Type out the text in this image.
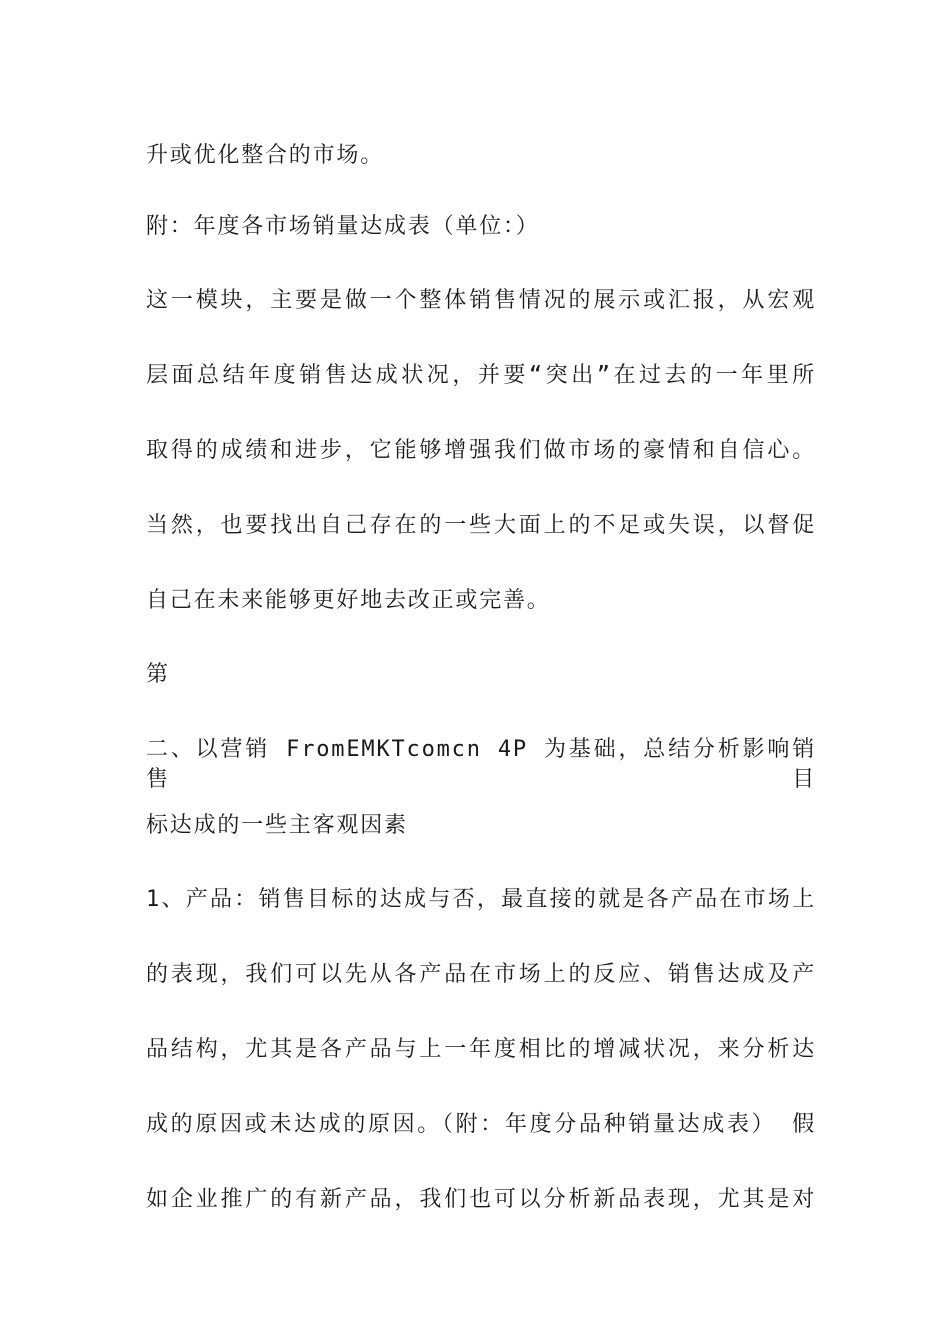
升或优化整合的市场。
附：年度各市场销量达成表（单位：）
这一模块，主要是做一个整体销售情况的展示或汇报，从宏观
层面总结年度销售达成状况，并要“突出”在过去的一年里所
取得的成绩和进步，它能够增强我们做市场的豪情和自信心。
当然，也要找出自己存在的一些大面上的不足或失误，以督促
自己在未来能够更好地去改正或完善。
第
二、以营销 FromEMKTcomcn 4P 为基础，总结分析影响销售目
标达成的一些主客观因素
1、产品：销售目标的达成与否，最直接的就是各产品在市场上
的表现，我们可以先从各产品在市场上的反应、销售达成及产
品结构，尤其是各产品与上一年度相比的增减状况，来分析达
成的原因或未达成的原因。（附：年度分品种销量达成表） 假
如企业推广的有新产品，我们也可以分析新品表现，尤其是对
